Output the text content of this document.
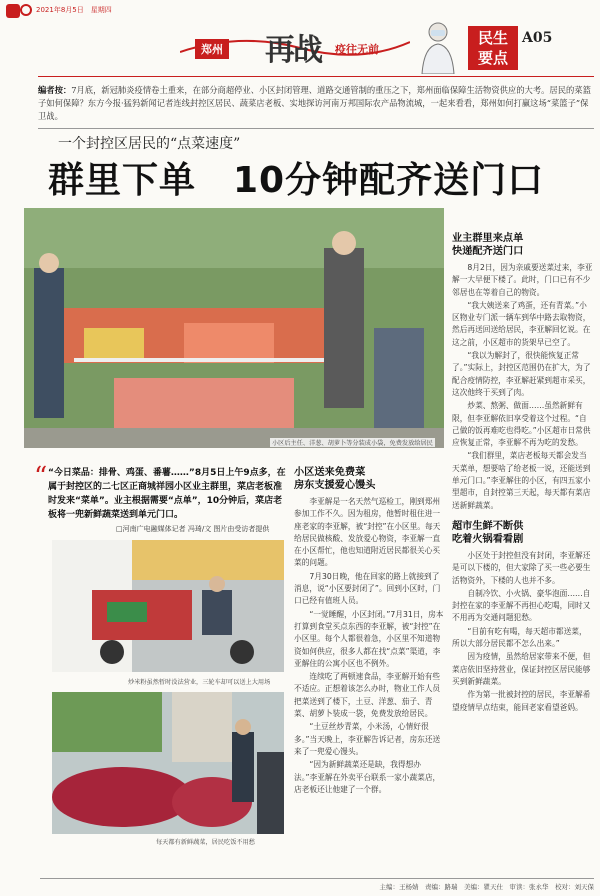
2021年8月5日　星期四
郑州 再战 疫往无前
民生
要点
A05
编者按：7月底，新冠肺炎疫情卷土重来，在部分商超停业、小区封闭管理、道路交通管制的重压之下，郑州面临保障生活物资供应的大考。居民的菜篮子如何保障？东方今报·猛犸新闻记者连线封控区居民、蔬菜店老板、实地探访河南万邦国际农产品物流城，一起来看看，郑州如何打赢这场“菜篮子”保卫战。
一个封控区居民的“点菜速度”
群里下单　10分钟配齐送门口
小区后主任、洋葱、胡萝卜等分装成小袋，免费发放给居民
“ “今日菜品：排骨、鸡蛋、番薯……”8月5日上午9点多，在属于封控区的二七区正商城祥园小区业主群里，菜店老板准时发来“菜单”。业主根据需要“点单”，10分钟后，菜店老板将一兜新鲜蔬菜送到单元门口。
□河南广电融媒体记者 冯琦/文 图片由受访者提供
炒米粉虽然暂时没法营业，三轮车却可以送上大用场
每天都有新鲜蔬菜，居民吃饭不用愁
小区送来免费菜
房东支援爱心馒头

李亚解是一名天然气巡检工，刚到郑州参加工作不久。因为租房，他暂时租住进一座老家的李亚解，被“封控”在小区里。每天给居民做核酸、发放爱心物资，李亚解一直在小区帮忙，他也知道附近居民都很关心买菜的问题。

7月30日晚，他在回家的路上就接到了消息，说“小区要封闭了”。回到小区时，门口已经有值班人员。

“一觉睡醒，小区封闭。”7月31日，房本打算到食堂买点东西的李亚解，被“封控”在小区里。每个人都很着急，小区里不知道物资如何供应，很多人都在找“点菜”渠道，李亚解住的公寓小区也不例外。

连续吃了两顿速食品，李亚解开始有些不适应。正想着该怎么办时，物业工作人员把菜送到了楼下，土豆、洋葱、茄子、青菜、胡萝卜装成一袋，免费发放给居民。

“土豆丝炒青菜，小米汤，心情好很多。”当天晚上，李亚解告诉记者，房东还送来了一兜爱心馒头。

“因为新鲜蔬菜还是缺，我得想办法。”李亚解在外卖平台联系一家小蔬菜店，店老板还让他建了一个群。

业主群里来点单
快递配齐送门口

8月2日，因为亲戚要送菜过来，李亚解一大早便下楼了。此时，门口已有不少邻居也在等着自己的物资。

“我大姨送来了鸡蛋，还有青菜。”小区物业专门派一辆车到华中路去取物资，然后再送回送给居民，李亚解回忆说。在这之前，小区超市的货架早已空了。

“我以为解封了，很快能恢复正常了。”实际上，封控区范围仍在扩大，为了配合疫情防控，李亚解赶紧到超市采买，这次他终于买到了肉。

炒菜、熬粥、做面……虽然新鲜有限，但李亚解依旧享受着这个过程。“自己做的饭再难吃也得吃。”小区超市日常供应恢复正常，李亚解不再为吃的发愁。

“我们群里，菜店老板每天都会发当天菜单，想要啥了给老板一说，还能送到单元门口。”李亚解住的小区，有四五家小型超市，自封控第三天起，每天都有菜店送新鲜蔬菜。

超市生鲜不断供
吃着火锅看看剧

小区处于封控但没有封闭，李亚解还是可以下楼的，但大家除了买一些必要生活物资外，下楼的人也并不多。

自制冷饮、小火锅、豪华泡面……自封控在家的李亚解不再担心吃喝，同时又不用再为交通问题犯愁。

“目前有吃有喝，每天超市都送菜，所以大部分居民都不怎么出来。”

因为疫情，虽然给居家带来不便，但菜店依旧坚持营业，保证封控区居民能够买到新鲜蔬菜。

作为第一批被封控的居民，李亚解希望疫情早点结束，能回老家看望爸妈。

主编：王杨婧　责编：路瑞　美编：瞿天仕　审读：张永华　校对：刘天保
